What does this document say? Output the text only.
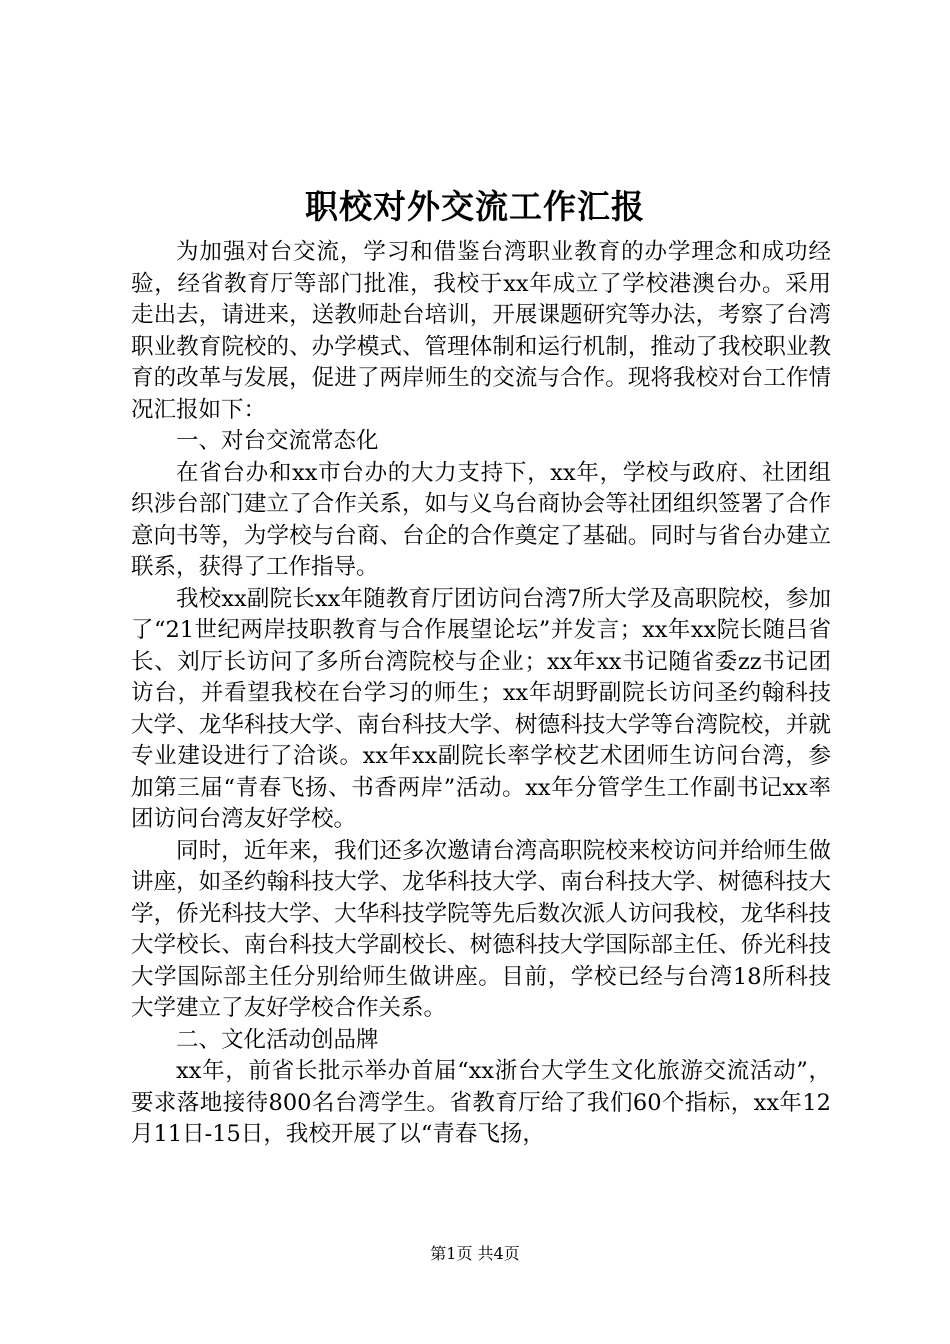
职校对外交流工作汇报

为加强对台交流，学习和借鉴台湾职业教育的办学理念和成功经验，经省教育厅等部门批准，我校于xx年成立了学校港澳台办。采用走出去，请进来，送教师赴台培训，开展课题研究等办法，考察了台湾职业教育院校的、办学模式、管理体制和运行机制，推动了我校职业教育的改革与发展，促进了两岸师生的交流与合作。现将我校对台工作情况汇报如下：

一、对台交流常态化

在省台办和xx市台办的大力支持下，xx年，学校与政府、社团组织涉台部门建立了合作关系，如与义乌台商协会等社团组织签署了合作意向书等，为学校与台商、台企的合作奠定了基础。同时与省台办建立联系，获得了工作指导。

我校xx副院长xx年随教育厅团访问台湾7所大学及高职院校，参加了“21世纪两岸技职教育与合作展望论坛”并发言；xx年xx院长随吕省长、刘厅长访问了多所台湾院校与企业；xx年xx书记随省委zz书记团访台，并看望我校在台学习的师生；xx年胡野副院长访问圣约翰科技大学、龙华科技大学、南台科技大学、树德科技大学等台湾院校，并就专业建设进行了洽谈。xx年xx副院长率学校艺术团师生访问台湾，参加第三届“青春飞扬、书香两岸”活动。xx年分管学生工作副书记xx率团访问台湾友好学校。

同时，近年来，我们还多次邀请台湾高职院校来校访问并给师生做讲座，如圣约翰科技大学、龙华科技大学、南台科技大学、树德科技大学，侨光科技大学、大华科技学院等先后数次派人访问我校，龙华科技大学校长、南台科技大学副校长、树德科技大学国际部主任、侨光科技大学国际部主任分别给师生做讲座。目前，学校已经与台湾18所科技大学建立了友好学校合作关系。

二、文化活动创品牌

xx年，前省长批示举办首届“xx浙台大学生文化旅游交流活动”，要求落地接待800名台湾学生。省教育厅给了我们60个指标，xx年12月11日-15日，我校开展了以“青春飞扬，

第1页 共4页
